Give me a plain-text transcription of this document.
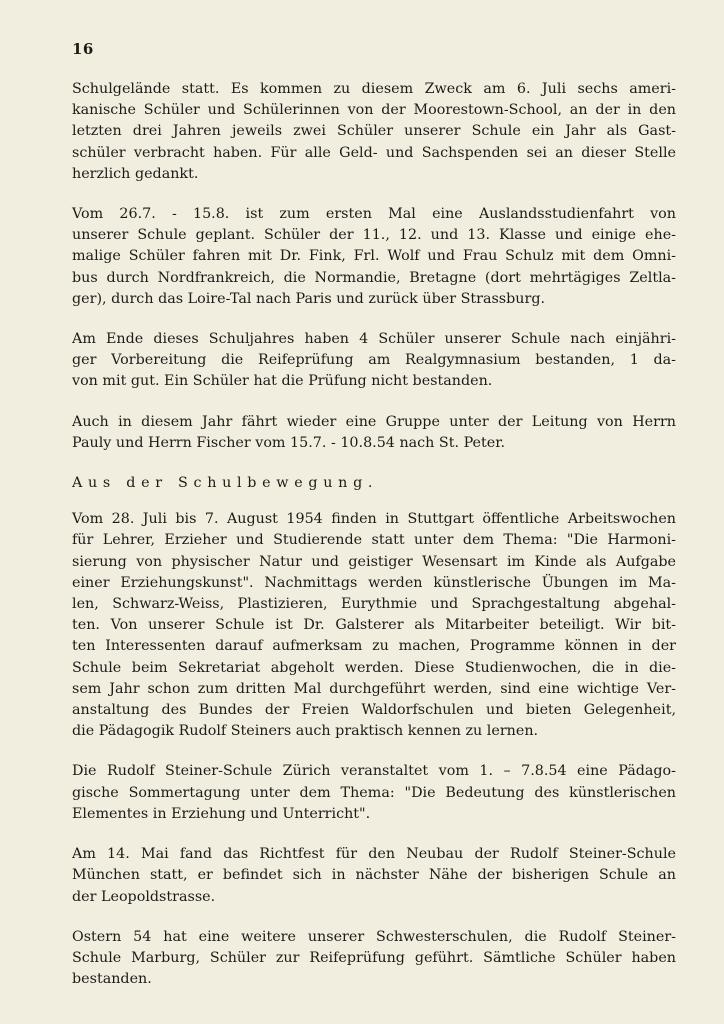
16
Schulgelände statt. Es kommen zu diesem Zweck am 6. Juli sechs ameri-
kanische Schüler und Schülerinnen von der Moorestown-School, an der in den
letzten drei Jahren jeweils zwei Schüler unserer Schule ein Jahr als Gast-
schüler verbracht haben. Für alle Geld- und Sachspenden sei an dieser Stelle
herzlich gedankt.
Vom 26.7. - 15.8. ist zum ersten Mal eine Auslandsstudienfahrt von
unserer Schule geplant. Schüler der 11., 12. und 13. Klasse und einige ehe-
malige Schüler fahren mit Dr. Fink, Frl. Wolf und Frau Schulz mit dem Omni-
bus durch Nordfrankreich, die Normandie, Bretagne (dort mehrtägiges Zeltla-
ger), durch das Loire-Tal nach Paris und zurück über Strassburg.
Am Ende dieses Schuljahres haben 4 Schüler unserer Schule nach einjähri-
ger Vorbereitung die Reifeprüfung am Realgymnasium bestanden, 1 da-
von mit gut. Ein Schüler hat die Prüfung nicht bestanden.
Auch in diesem Jahr fährt wieder eine Gruppe unter der Leitung von Herrn
Pauly und Herrn Fischer vom 15.7. - 10.8.54 nach St. Peter.
Aus der Schulbewegung.
Vom 28. Juli bis 7. August 1954 finden in Stuttgart öffentliche Arbeitswochen
für Lehrer, Erzieher und Studierende statt unter dem Thema: "Die Harmoni-
sierung von physischer Natur und geistiger Wesensart im Kinde als Aufgabe
einer Erziehungskunst". Nachmittags werden künstlerische Übungen im Ma-
len, Schwarz-Weiss, Plastizieren, Eurythmie und Sprachgestaltung abgehal-
ten. Von unserer Schule ist Dr. Galsterer als Mitarbeiter beteiligt. Wir bit-
ten Interessenten darauf aufmerksam zu machen, Programme können in der
Schule beim Sekretariat abgeholt werden. Diese Studienwochen, die in die-
sem Jahr schon zum dritten Mal durchgeführt werden, sind eine wichtige Ver-
anstaltung des Bundes der Freien Waldorfschulen und bieten Gelegenheit,
die Pädagogik Rudolf Steiners auch praktisch kennen zu lernen.
Die Rudolf Steiner-Schule Zürich veranstaltet vom 1. – 7.8.54 eine Pädago-
gische Sommertagung unter dem Thema: "Die Bedeutung des künstlerischen
Elementes in Erziehung und Unterricht".
Am 14. Mai fand das Richtfest für den Neubau der Rudolf Steiner-Schule
München statt, er befindet sich in nächster Nähe der bisherigen Schule an
der Leopoldstrasse.
Ostern 54 hat eine weitere unserer Schwesterschulen, die Rudolf Steiner-
Schule Marburg, Schüler zur Reifeprüfung geführt. Sämtliche Schüler haben
bestanden.
